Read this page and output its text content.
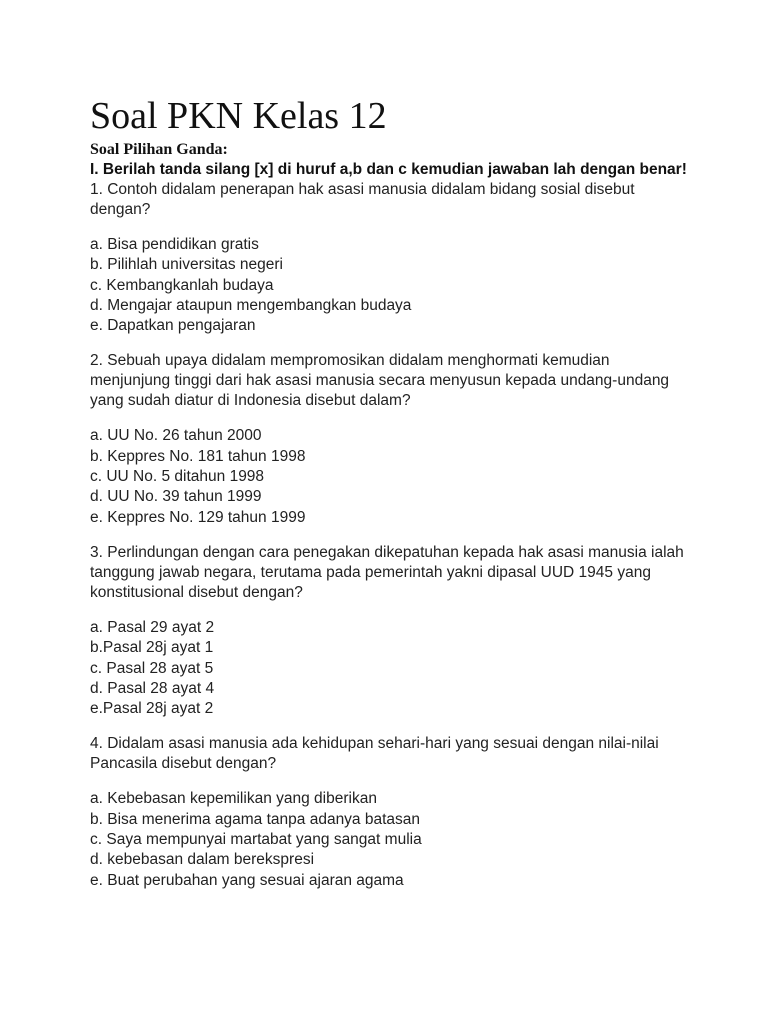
Soal PKN Kelas 12

Soal Pilihan Ganda:

I. Berilah tanda silang [x] di huruf a,b dan c kemudian jawaban lah dengan benar!

1. Contoh didalam penerapan hak asasi manusia didalam bidang sosial disebut dengan?

a. Bisa pendidikan gratis
b. Pilihlah universitas negeri
c. Kembangkanlah budaya
d. Mengajar ataupun mengembangkan budaya
e. Dapatkan pengajaran

2. Sebuah upaya didalam mempromosikan didalam menghormati kemudian menjunjung tinggi dari hak asasi manusia secara menyusun kepada undang-undang yang sudah diatur di Indonesia disebut dalam?

a. UU No. 26 tahun 2000
b. Keppres No. 181 tahun 1998
c. UU No. 5 ditahun 1998
d. UU No. 39 tahun 1999
e. Keppres No. 129 tahun 1999

3. Perlindungan dengan cara penegakan dikepatuhan kepada hak asasi manusia ialah tanggung jawab negara, terutama pada pemerintah yakni dipasal UUD 1945 yang konstitusional disebut dengan?

a. Pasal 29 ayat 2
b.Pasal 28j ayat 1
c. Pasal 28 ayat 5
d. Pasal 28 ayat 4
e.Pasal 28j ayat 2

4. Didalam asasi manusia ada kehidupan sehari-hari yang sesuai dengan nilai-nilai Pancasila disebut dengan?

a. Kebebasan kepemilikan yang diberikan
b. Bisa menerima agama tanpa adanya batasan
c. Saya mempunyai martabat yang sangat mulia
d. kebebasan dalam berekspresi
e. Buat perubahan yang sesuai ajaran agama
